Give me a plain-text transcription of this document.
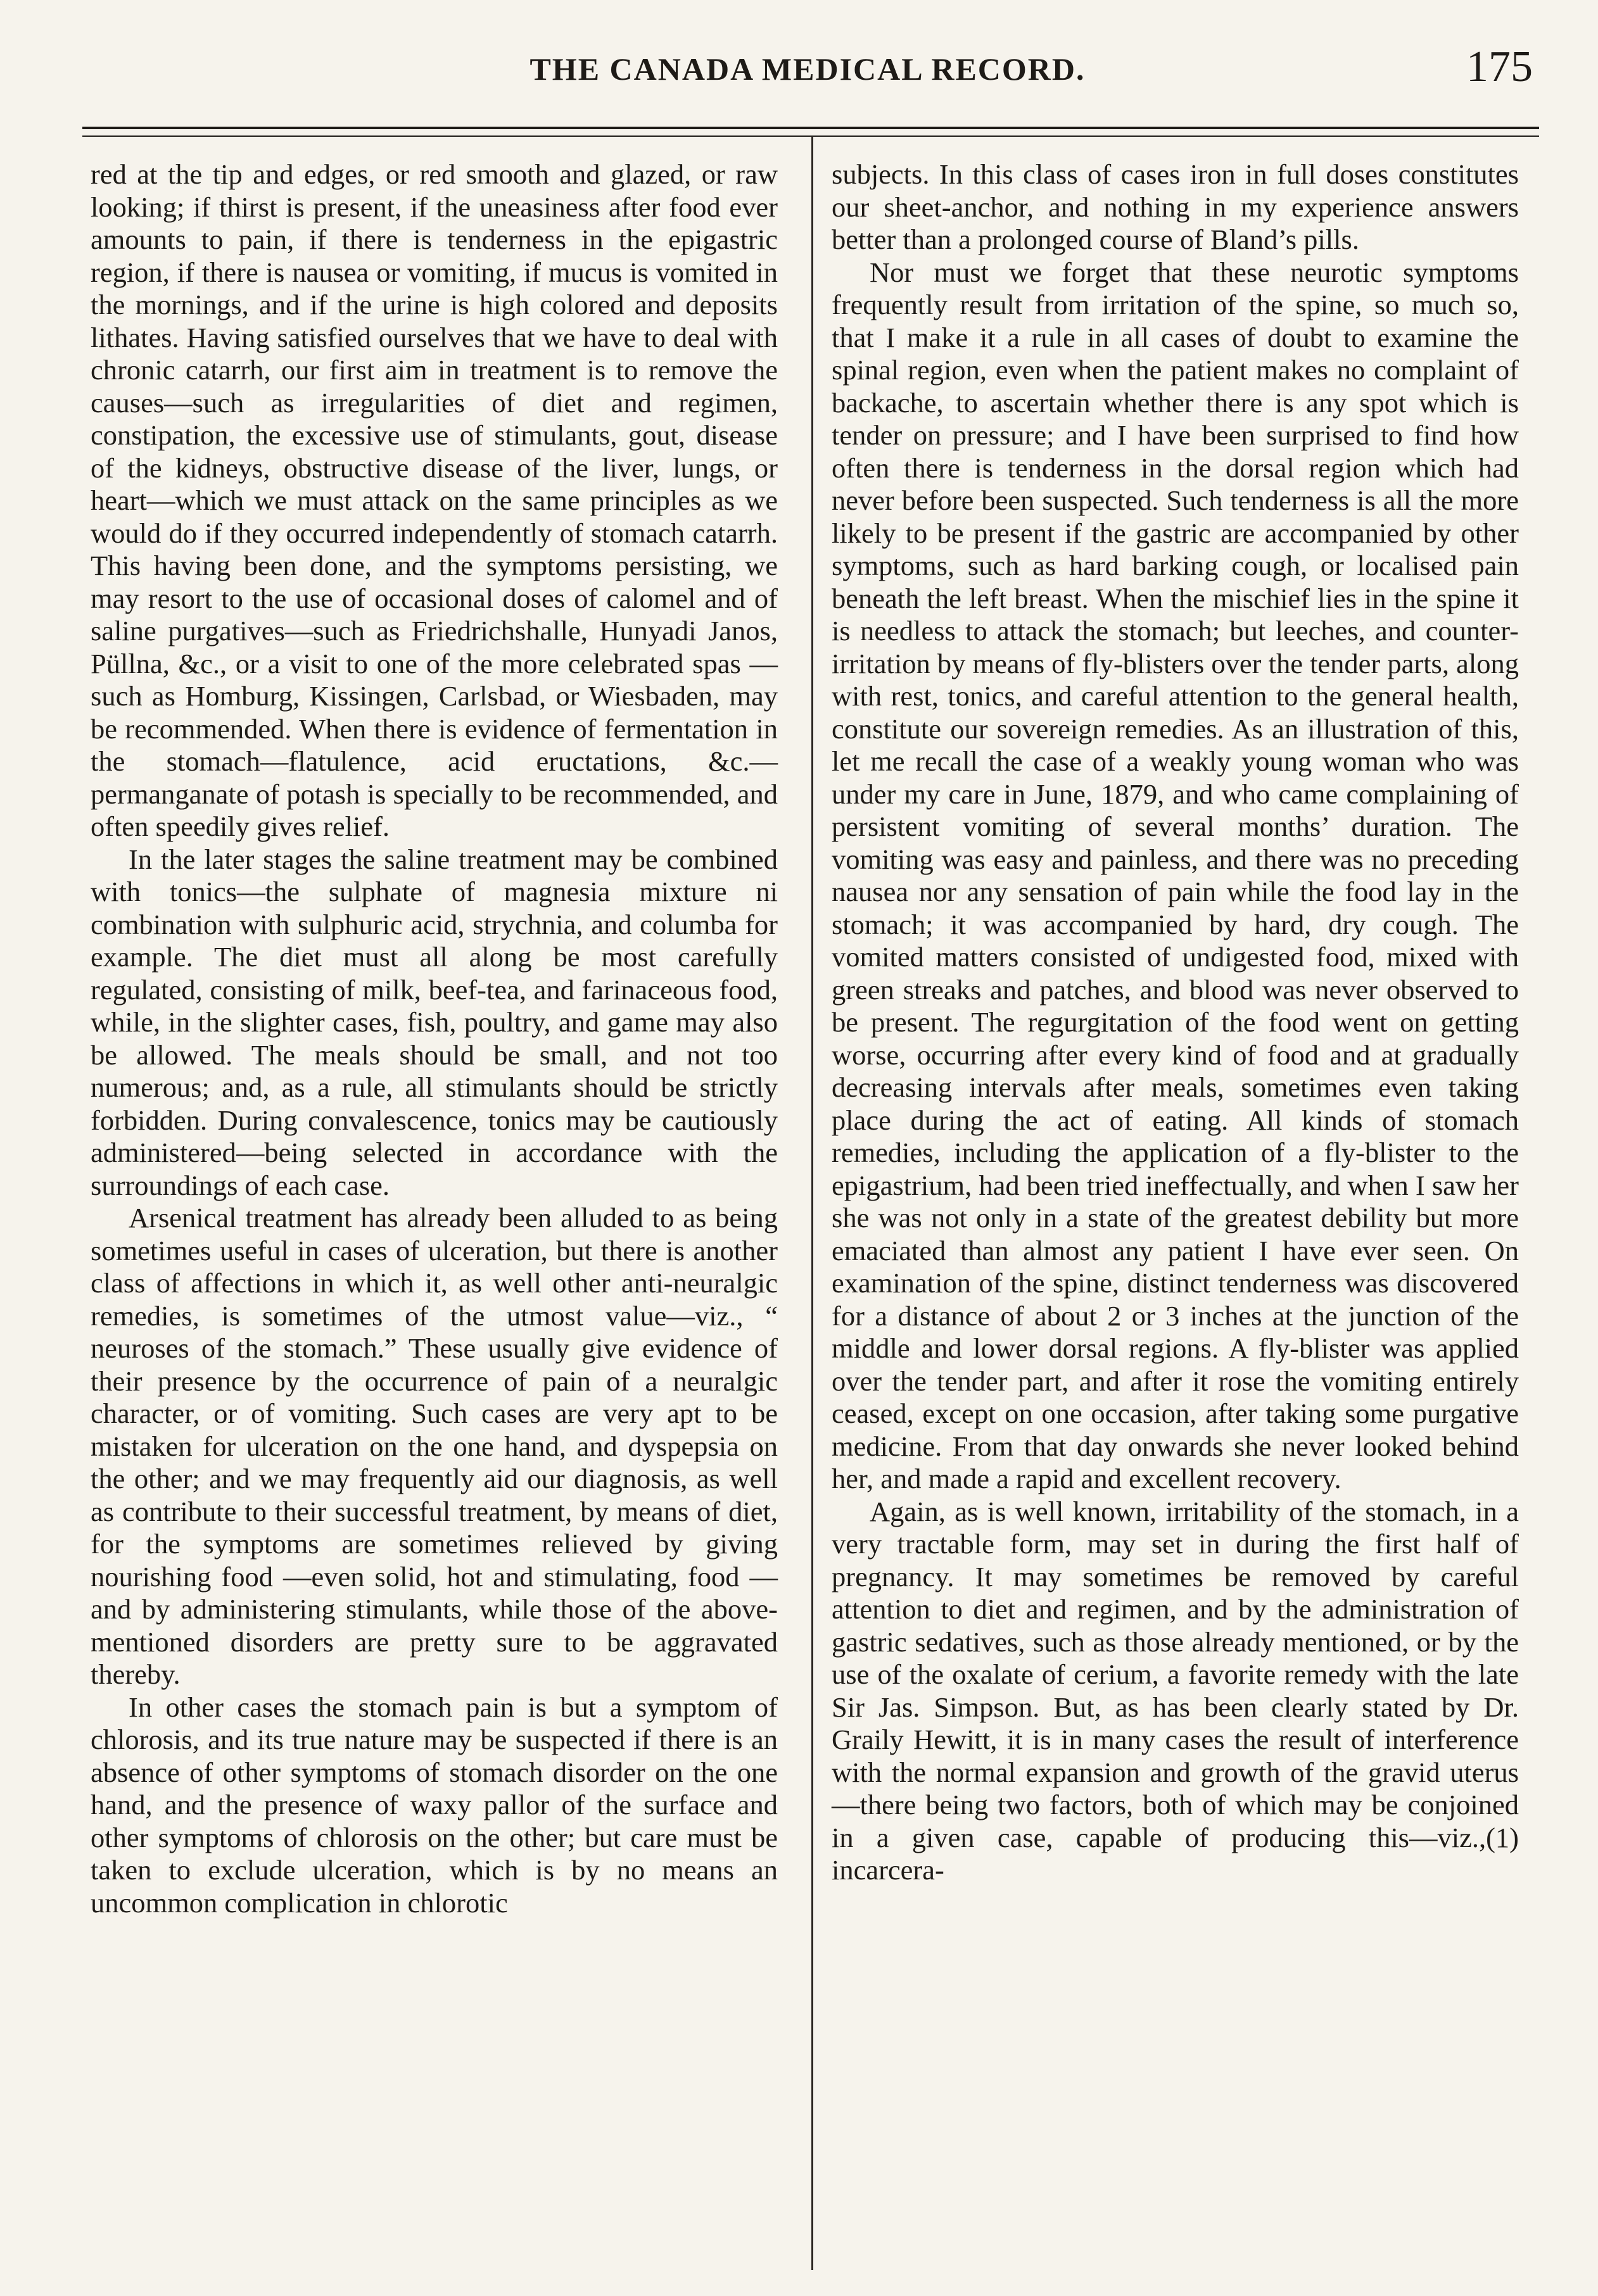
THE CANADA MEDICAL RECORD.	175

red at the tip and edges, or red smooth and glazed, or raw looking; if thirst is present, if the uneasiness after food ever amounts to pain, if there is tenderness in the epigastric region, if there is nausea or vomiting, if mucus is vomited in the mornings, and if the urine is high colored and deposits lithates. Having satisfied ourselves that we have to deal with chronic catarrh, our first aim in treatment is to remove the causes—such as irregularities of diet and regimen, constipation, the excessive use of stimulants, gout, disease of the kidneys, obstructive disease of the liver, lungs, or heart—which we must attack on the same principles as we would do if they occurred independently of stomach catarrh. This having been done, and the symptoms persisting, we may resort to the use of occasional doses of calomel and of saline purgatives—such as Friedrichshalle, Hunyadi Janos, Püllna, &c., or a visit to one of the more celebrated spas —such as Homburg, Kissingen, Carlsbad, or Wiesbaden, may be recommended. When there is evidence of fermentation in the stomach—flatulence, acid eructations, &c.—permanganate of potash is specially to be recommended, and often speedily gives relief.

In the later stages the saline treatment may be combined with tonics—the sulphate of magnesia mixture ni combination with sulphuric acid, strychnia, and columba for example. The diet must all along be most carefully regulated, consisting of milk, beef-tea, and farinaceous food, while, in the slighter cases, fish, poultry, and game may also be allowed. The meals should be small, and not too numerous; and, as a rule, all stimulants should be strictly forbidden. During convalescence, tonics may be cautiously administered—being selected in accordance with the surroundings of each case.

Arsenical treatment has already been alluded to as being sometimes useful in cases of ulceration, but there is another class of affections in which it, as well other anti-neuralgic remedies, is sometimes of the utmost value—viz., “ neuroses of the stomach.” These usually give evidence of their presence by the occurrence of pain of a neuralgic character, or of vomiting. Such cases are very apt to be mistaken for ulceration on the one hand, and dyspepsia on the other; and we may frequently aid our diagnosis, as well as contribute to their successful treatment, by means of diet, for the symptoms are sometimes relieved by giving nourishing food —even solid, hot and stimulating, food —and by administering stimulants, while those of the above-mentioned disorders are pretty sure to be aggravated thereby.

In other cases the stomach pain is but a symptom of chlorosis, and its true nature may be suspected if there is an absence of other symptoms of stomach disorder on the one hand, and the presence of waxy pallor of the surface and other symptoms of chlorosis on the other; but care must be taken to exclude ulceration, which is by no means an uncommon complication in chlorotic

subjects. In this class of cases iron in full doses constitutes our sheet-anchor, and nothing in my experience answers better than a prolonged course of Bland’s pills.

Nor must we forget that these neurotic symptoms frequently result from irritation of the spine, so much so, that I make it a rule in all cases of doubt to examine the spinal region, even when the patient makes no complaint of backache, to ascertain whether there is any spot which is tender on pressure; and I have been surprised to find how often there is tenderness in the dorsal region which had never before been suspected. Such tenderness is all the more likely to be present if the gastric are accompanied by other symptoms, such as hard barking cough, or localised pain beneath the left breast. When the mischief lies in the spine it is needless to attack the stomach; but leeches, and counter-irritation by means of fly-blisters over the tender parts, along with rest, tonics, and careful attention to the general health, constitute our sovereign remedies. As an illustration of this, let me recall the case of a weakly young woman who was under my care in June, 1879, and who came complaining of persistent vomiting of several months’ duration. The vomiting was easy and painless, and there was no preceding nausea nor any sensation of pain while the food lay in the stomach; it was accompanied by hard, dry cough. The vomited matters consisted of undigested food, mixed with green streaks and patches, and blood was never observed to be present. The regurgitation of the food went on getting worse, occurring after every kind of food and at gradually decreasing intervals after meals, sometimes even taking place during the act of eating. All kinds of stomach remedies, including the application of a fly-blister to the epigastrium, had been tried ineffectually, and when I saw her she was not only in a state of the greatest debility but more emaciated than almost any patient I have ever seen. On examination of the spine, distinct tenderness was discovered for a distance of about 2 or 3 inches at the junction of the middle and lower dorsal regions. A fly-blister was applied over the tender part, and after it rose the vomiting entirely ceased, except on one occasion, after taking some purgative medicine. From that day onwards she never looked behind her, and made a rapid and excellent recovery.

Again, as is well known, irritability of the stomach, in a very tractable form, may set in during the first half of pregnancy. It may sometimes be removed by careful attention to diet and regimen, and by the administration of gastric sedatives, such as those already mentioned, or by the use of the oxalate of cerium, a favorite remedy with the late Sir Jas. Simpson. But, as has been clearly stated by Dr. Graily Hewitt, it is in many cases the result of interference with the normal expansion and growth of the gravid uterus—there being two factors, both of which may be conjoined in a given case, capable of producing this—viz.,(1) incarcera-
